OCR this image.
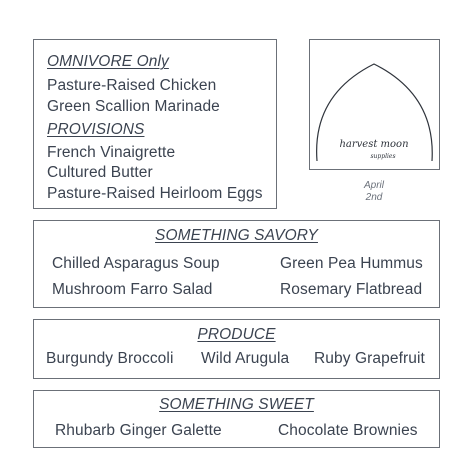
OMNIVORE Only
Pasture-Raised Chicken
Green Scallion Marinade
PROVISIONS
French Vinaigrette
Cultured Butter
Pasture-Raised Heirloom Eggs
harvest moon
supplies
April
2nd
SOMETHING SAVORY
Chilled Asparagus Soup	Green Pea Hummus
Mushroom Farro Salad	Rosemary Flatbread
PRODUCE
Burgundy Broccoli Wild Arugula Ruby Grapefruit
SOMETHING SWEET
Rhubarb Ginger Galette	Chocolate Brownies
